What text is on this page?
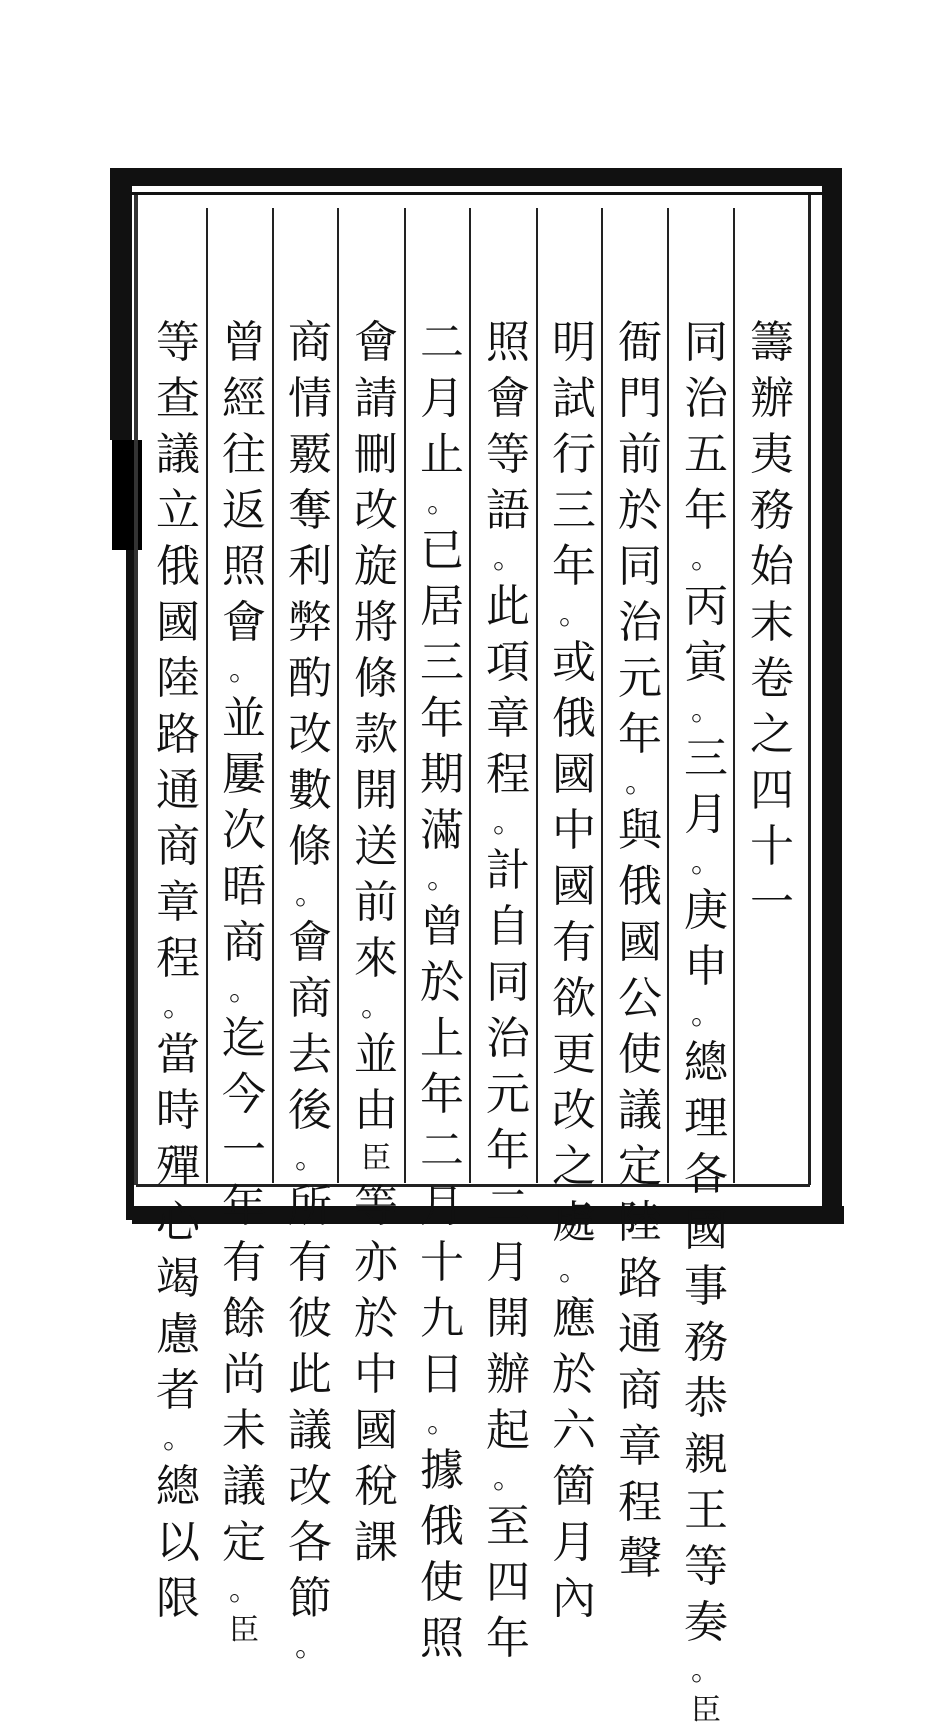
籌
辦
夷
務
始
末
卷
之
四
十
一
同
治
五
年
。
丙
寅
。
三
月
。
庚
申
。
總
理
各
國
事
務
恭
親
王
等
奏
。
臣
衙
門
前
於
同
治
元
年
。
與
俄
國
公
使
議
定
陸
路
通
商
章
程
聲
明
試
行
三
年
。
或
俄
國
中
國
有
欲
更
改
之
處
。
應
於
六
箇
月
內
照
會
等
語
。
此
項
章
程
。
計
自
同
治
元
年
二
月
開
辦
起
。
至
四
年
二
月
止
。
已
居
三
年
期
滿
。
曾
於
上
年
二
月
十
九
日
。
據
俄
使
照
會
請
刪
改
旋
將
條
款
開
送
前
來
。
並
由
臣
等
亦
於
中
國
稅
課
商
情
覈
奪
利
弊
酌
改
數
條
。
會
商
去
後
。
所
有
彼
此
議
改
各
節
。
曾
經
往
返
照
會
。
並
屢
次
晤
商
。
迄
今
一
年
有
餘
尚
未
議
定
。
臣
等
查
議
立
俄
國
陸
路
通
商
章
程
。
當
時
殫
心
竭
慮
者
。
總
以
限
